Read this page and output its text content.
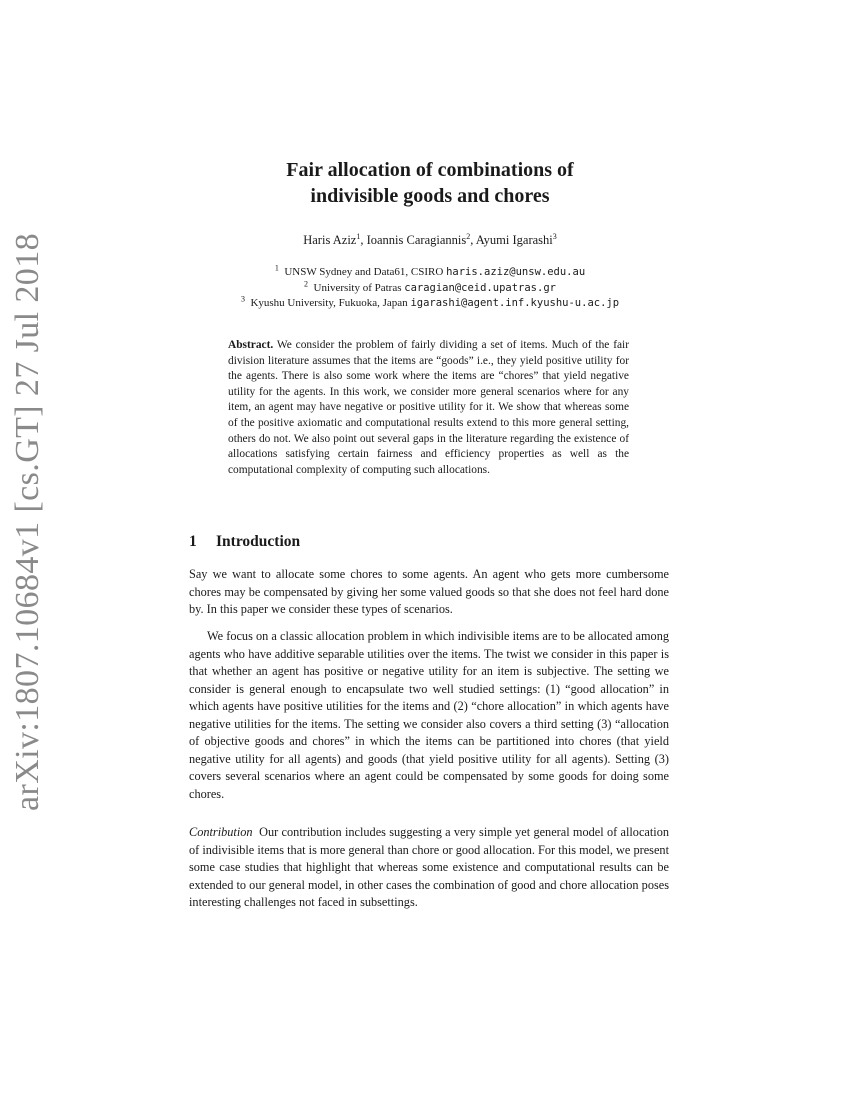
arXiv:1807.10684v1 [cs.GT] 27 Jul 2018
Fair allocation of combinations of
indivisible goods and chores
Haris Aziz$^1$, Ioannis Caragiannis$^2$, Ayumi Igarashi$^3$
$^1$ UNSW Sydney and Data61, CSIRO haris.aziz@unsw.edu.au
$^2$ University of Patras caragian@ceid.upatras.gr
$^3$ Kyushu University, Fukuoka, Japan igarashi@agent.inf.kyushu-u.ac.jp
Abstract. We consider the problem of fairly dividing a set of items. Much of the fair division literature assumes that the items are “goods” i.e., they yield positive utility for the agents. There is also some work where the items are “chores” that yield negative utility for the agents. In this work, we consider more general scenarios where for any item, an agent may have negative or positive utility for it. We show that whereas some of the positive axiomatic and computational results extend to this more general setting, others do not. We also point out several gaps in the literature regarding the existence of allocations satisfying certain fairness and efficiency properties as well as the computational complexity of computing such allocations.
1 Introduction

Say we want to allocate some chores to some agents. An agent who gets more cumbersome chores may be compensated by giving her some valued goods so that she does not feel hard done by. In this paper we consider these types of scenarios.

We focus on a classic allocation problem in which indivisible items are to be allocated among agents who have additive separable utilities over the items. The twist we consider in this paper is that whether an agent has positive or negative utility for an item is subjective. The setting we consider is general enough to encapsulate two well studied settings: (1) “good allocation” in which agents have positive utilities for the items and (2) “chore allocation” in which agents have negative utilities for the items. The setting we consider also covers a third setting (3) “allocation of objective goods and chores” in which the items can be partitioned into chores (that yield negative utility for all agents) and goods (that yield positive utility for all agents). Setting (3) covers several scenarios where an agent could be compensated by some goods for doing some chores.

Contribution Our contribution includes suggesting a very simple yet general model of allocation of indivisible items that is more general than chore or good allocation. For this model, we present some case studies that highlight that whereas some existence and computational results can be extended to our general model, in other cases the combination of good and chore allocation poses interesting challenges not faced in subsettings.
